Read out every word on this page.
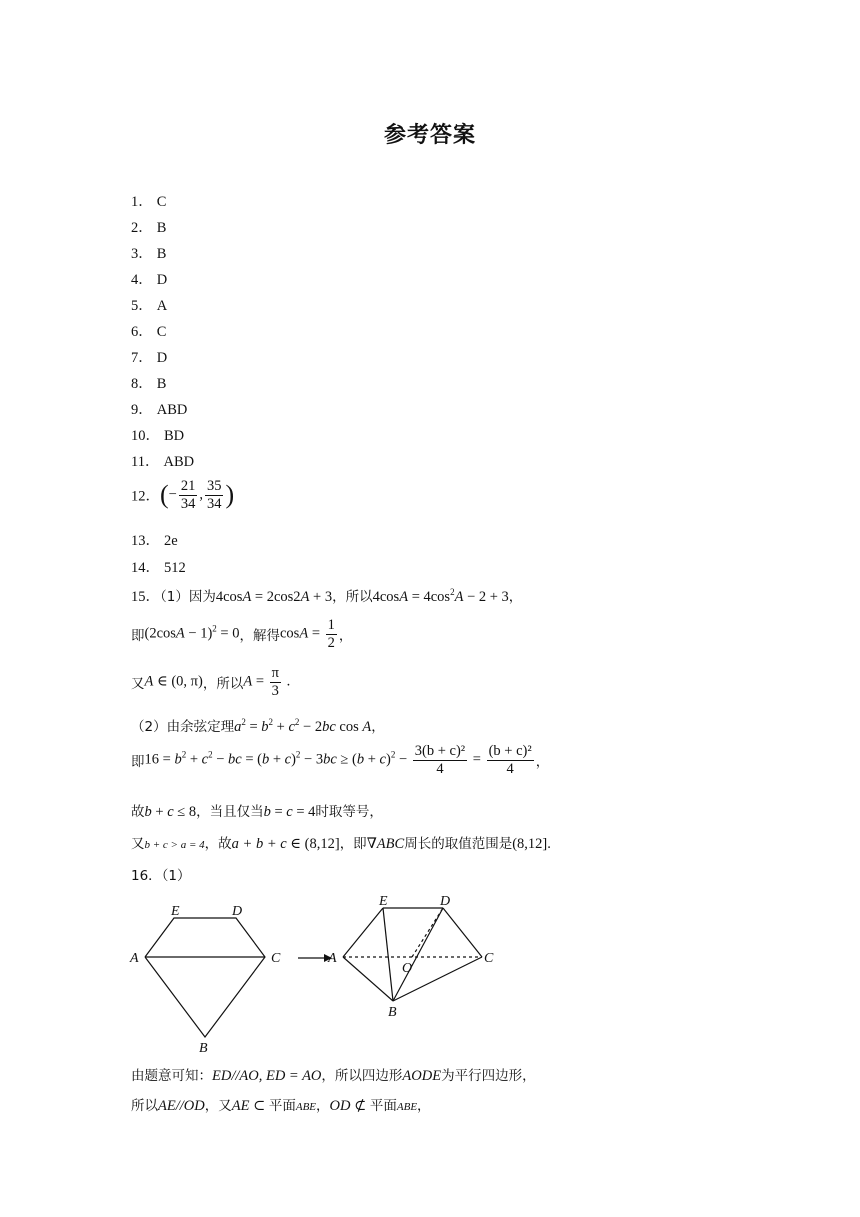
参考答案
1． C
2． B
3． B
4． D
5． A
6． C
7． D
8． B
9． ABD
10． BD
11． ABD
12．(− $\frac{21}{34}$ , $\frac{35}{34}$ )
13． 2e
14． 512
15．（1）因为4cosA = 2cos2A + 3，所以$4\cos A = 4\cos^2A - 2 + 3$，
即$(2\cos A - 1)^2 = 0$，解得$\cos A = \frac{1}{2}$ ，
又A ∈ (0, π)，所以$A = \frac{\pi}{3}$ .
（2）由余弦定理$a^2 = b^2 + c^2 - 2bc$ cos A，
即$16 = b^2 + c^2$ − bc = $(b + c)^2 - 3bc \ge (b + c)^2 - \frac{\text{3(b + c)²}}{4} = \frac{\text{(b + c)²}}{4}$ ，
故b + c ≤ 8，当且仅当b = c = 4时取等号，
又b + c > a = 4，故a + b + c ∈ (8,12]，即∇ABC周长的取值范围是(8,12].
16．（1）
A
E	D
C
B
A
E	D
C
O
B
由题意可知：ED//AO, ED = AO，所以四边形AODE为平行四边形，
所以AE//OD，又AE ⊂ 平面ABE，OD ⊄ 平面ABE，
